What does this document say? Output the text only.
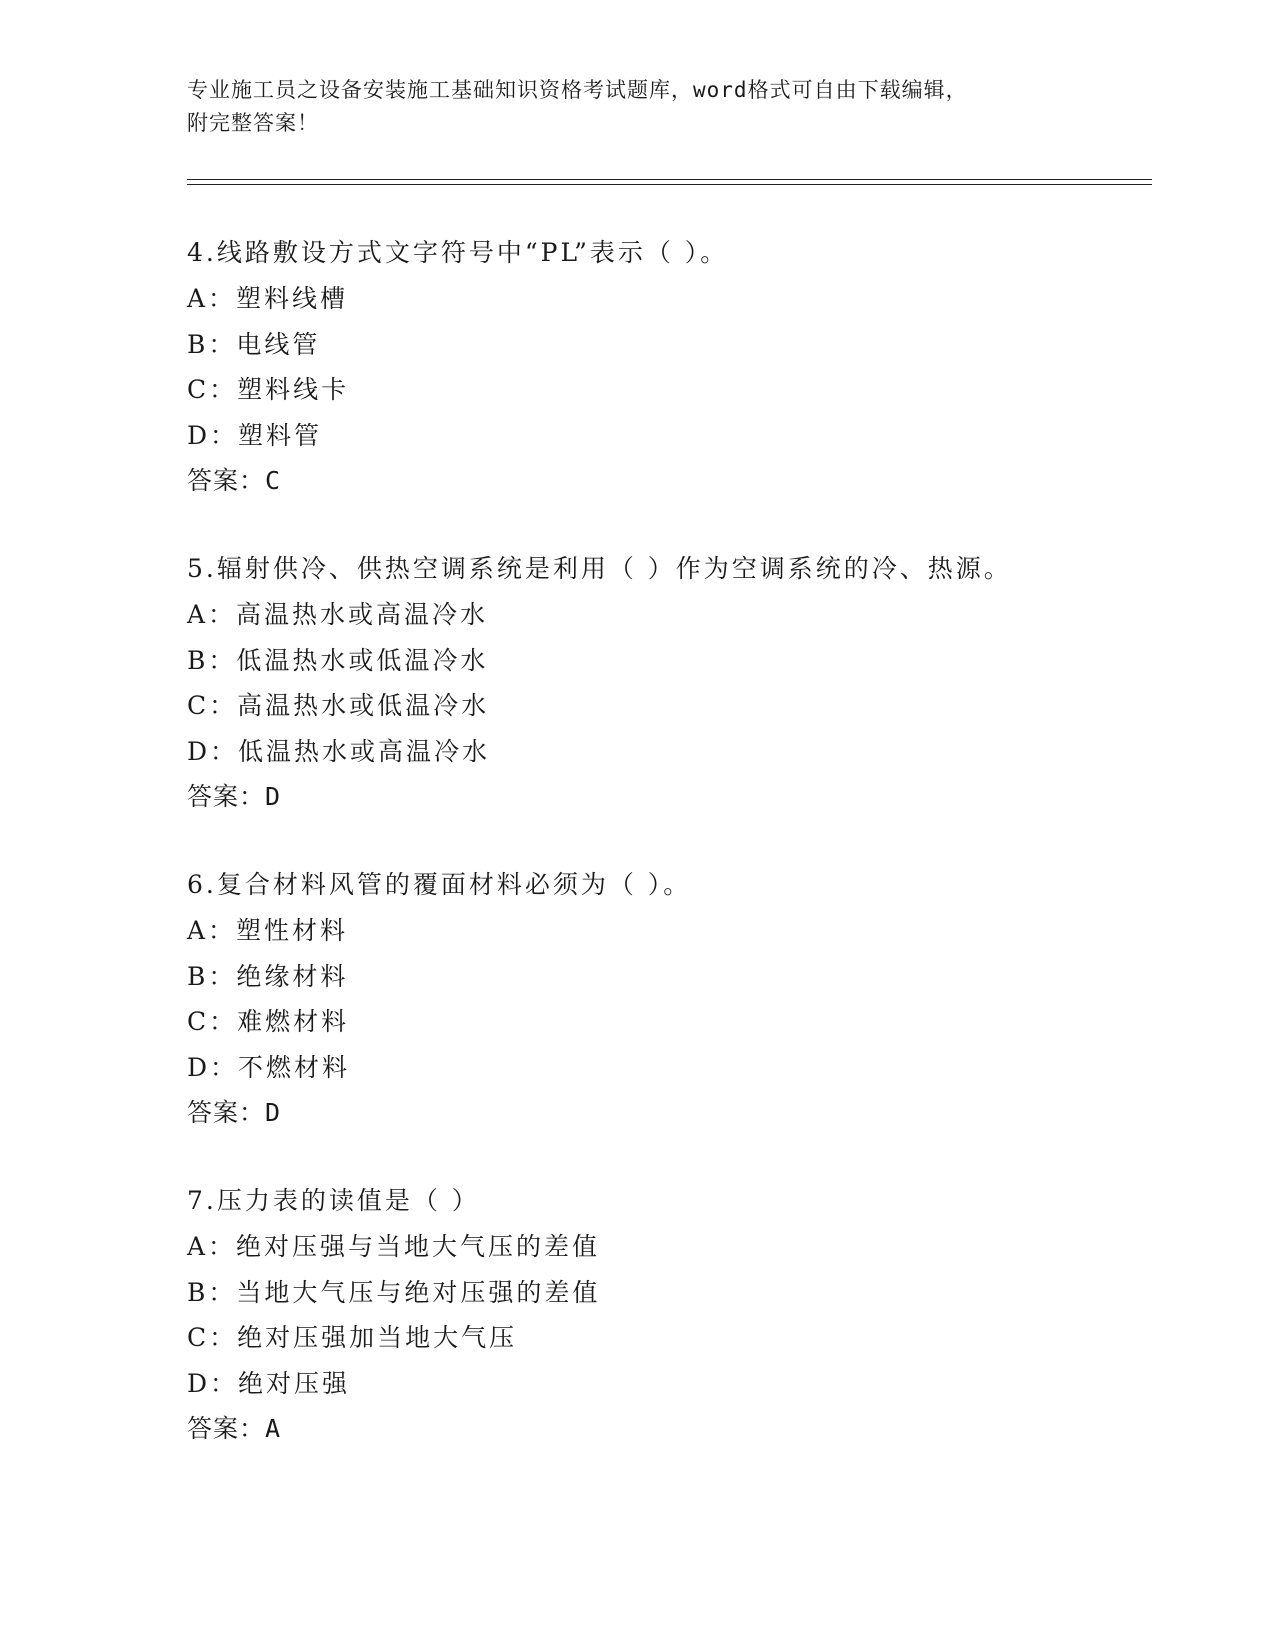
专业施工员之设备安装施工基础知识资格考试题库，word格式可自由下载编辑，
附完整答案！
4.线路敷设方式文字符号中“PL”表示（ ）。
A：塑料线槽
B：电线管
C：塑料线卡
D：塑料管
答案：C
5.辐射供冷、供热空调系统是利用（ ）作为空调系统的冷、热源。
A：高温热水或高温冷水
B：低温热水或低温冷水
C：高温热水或低温冷水
D：低温热水或高温冷水
答案：D
6.复合材料风管的覆面材料必须为（ ）。
A：塑性材料
B：绝缘材料
C：难燃材料
D：不燃材料
答案：D
7.压力表的读值是（ ）
A：绝对压强与当地大气压的差值
B：当地大气压与绝对压强的差值
C：绝对压强加当地大气压
D：绝对压强
答案：A
